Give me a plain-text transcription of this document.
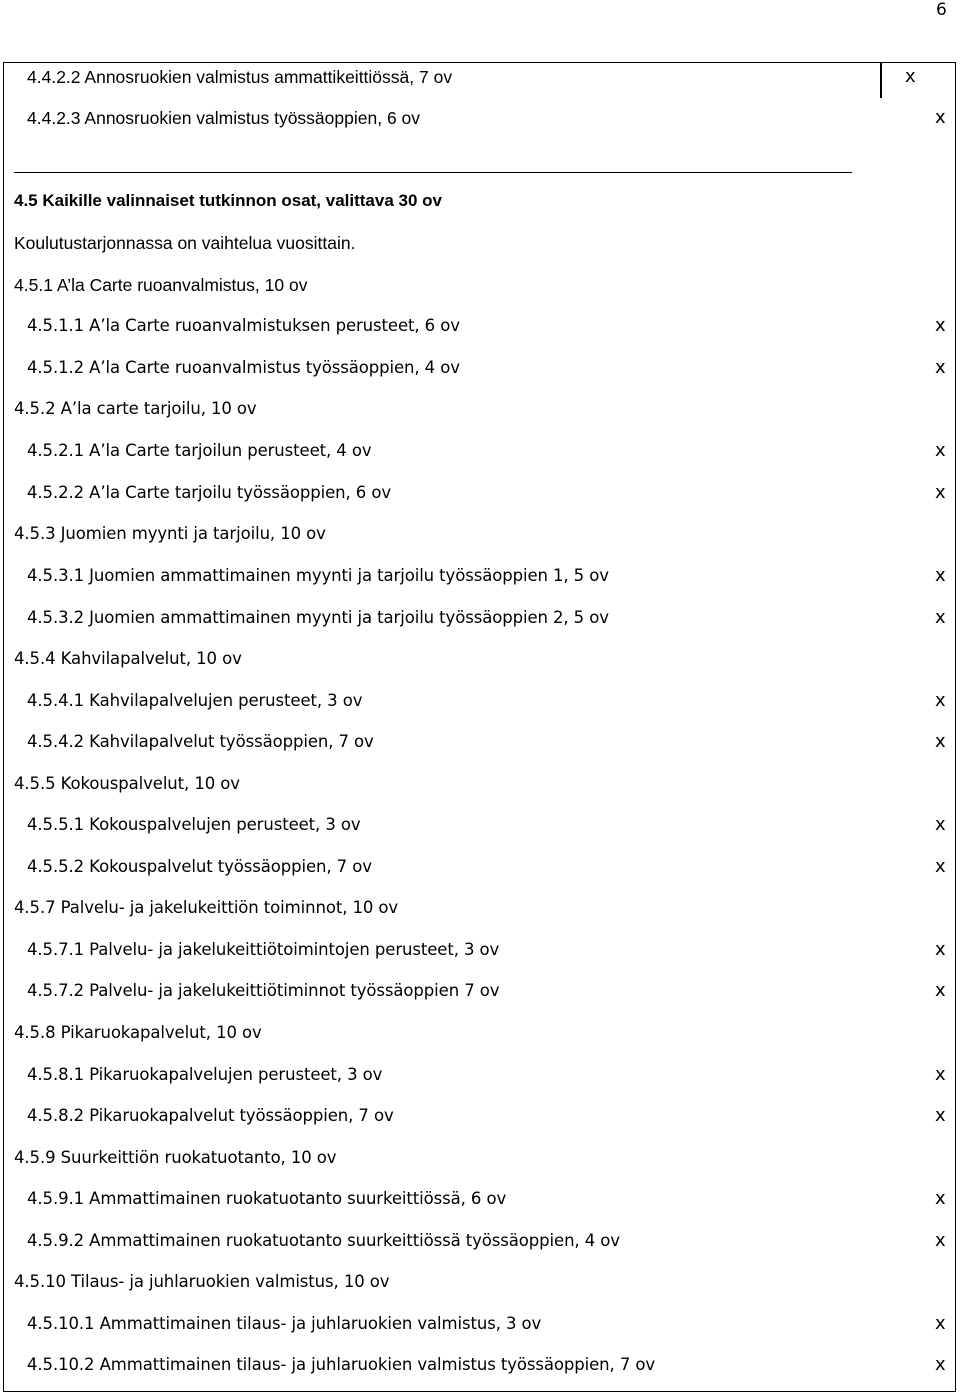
6
4.4.2.2 Annosruokien valmistus ammattikeittiössä, 7 ov	x
4.4.2.3 Annosruokien valmistus työssäoppien, 6 ov	x
4.5 Kaikille valinnaiset tutkinnon osat, valittava 30 ov
Koulutustarjonnassa on vaihtelua vuosittain.
4.5.1 A’la Carte ruoanvalmistus, 10 ov
4.5.1.1 A’la Carte ruoanvalmistuksen perusteet, 6 ov	x
4.5.1.2 A’la Carte ruoanvalmistus työssäoppien, 4 ov	x
4.5.2 A’la carte tarjoilu, 10 ov
4.5.2.1 A’la Carte tarjoilun perusteet, 4 ov	x
4.5.2.2 A’la Carte tarjoilu työssäoppien, 6 ov	x
4.5.3 Juomien myynti ja tarjoilu, 10 ov
4.5.3.1 Juomien ammattimainen myynti ja tarjoilu työssäoppien 1, 5 ov	x
4.5.3.2 Juomien ammattimainen myynti ja tarjoilu työssäoppien 2, 5 ov	x
4.5.4 Kahvilapalvelut, 10 ov
4.5.4.1 Kahvilapalvelujen perusteet, 3 ov	x
4.5.4.2 Kahvilapalvelut työssäoppien, 7 ov	x
4.5.5 Kokouspalvelut, 10 ov
4.5.5.1 Kokouspalvelujen perusteet, 3 ov	x
4.5.5.2 Kokouspalvelut työssäoppien, 7 ov	x
4.5.7 Palvelu- ja jakelukeittiön toiminnot, 10 ov
4.5.7.1 Palvelu- ja jakelukeittiötoimintojen perusteet, 3 ov	x
4.5.7.2 Palvelu- ja jakelukeittiötiminnot työssäoppien 7 ov	x
4.5.8 Pikaruokapalvelut, 10 ov
4.5.8.1 Pikaruokapalvelujen perusteet, 3 ov	x
4.5.8.2 Pikaruokapalvelut työssäoppien, 7 ov	x
4.5.9 Suurkeittiön ruokatuotanto, 10 ov
4.5.9.1 Ammattimainen ruokatuotanto suurkeittiössä, 6 ov	x
4.5.9.2 Ammattimainen ruokatuotanto suurkeittiössä työssäoppien, 4 ov	x
4.5.10 Tilaus- ja juhlaruokien valmistus, 10 ov
4.5.10.1 Ammattimainen tilaus- ja juhlaruokien valmistus, 3 ov	x
4.5.10.2 Ammattimainen tilaus- ja juhlaruokien valmistus työssäoppien, 7 ov	x
